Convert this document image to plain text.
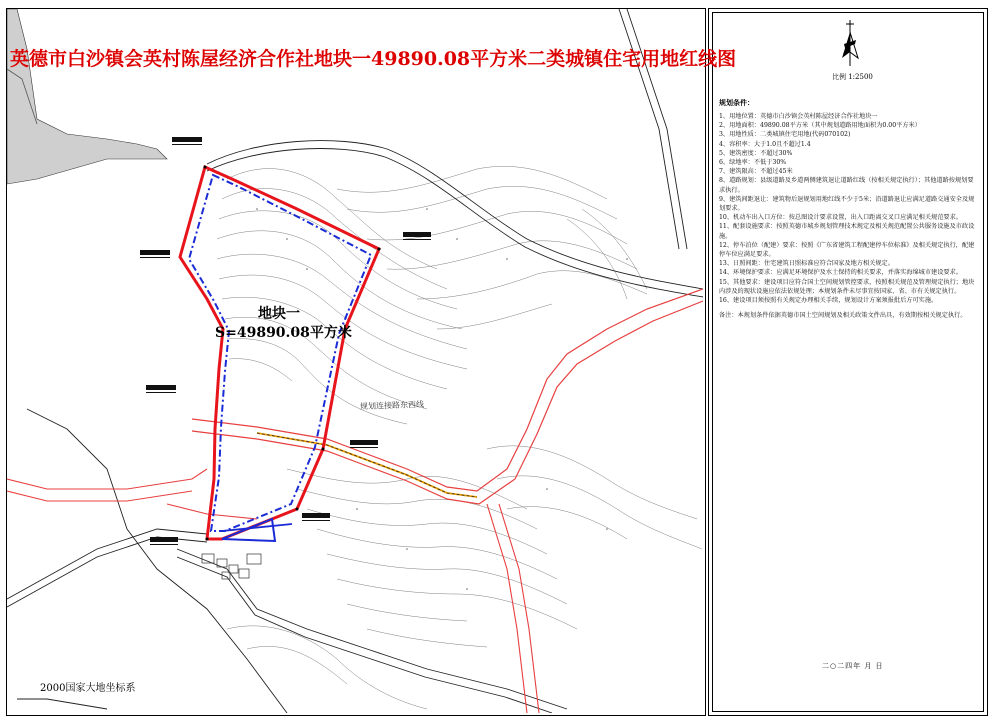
英德市白沙镇会英村陈屋经济合作社地块一49890.08平方米二类城镇住宅用地红线图
地块一
S=49890.08平方米
规划连接路东西线
2000国家大地坐标系
比例 1:2500
规划条件：

1、用地位置：英德市白沙镇会英村陈屋经济合作社地块一

2、用地面积：49890.08平方米（其中规划道路用地面积为0.00平方米）

3、用地性质：二类城镇住宅用地(代码070102)

4、容积率：大于1.0且不超过1.4

5、建筑密度：不超过30%

6、绿地率：不低于30%

7、建筑限高：不超过45米

8、道路规划：县级道路及乡道两侧建筑退让道路红线（按相关规定执行）；其他道路按规划要求执行。

9、建筑间距退让：建筑物后退规划用地红线不少于5米；沿道路退让应满足道路交通安全及规划要求。

10、机动车出入口方位：按总图设计要求设置，出入口距离交叉口应满足相关规范要求。

11、配套设施要求：按照英德市城乡规划管理技术规定及相关规范配置公共服务设施及市政设施。

12、停车泊位（配建）要求：按照《广东省建筑工程配建停车位标准》及相关规定执行，配建停车位应满足要求。

13、日照间距：住宅建筑日照标准应符合国家及地方相关规定。

14、环境保护要求：应满足环境保护及水土保持的相关要求，并落实海绵城市建设要求。

15、其他要求：建设项目应符合国土空间规划管控要求，按照相关规范及管理规定执行；地块内涉及的现状设施应依法依规处理；本规划条件未尽事宜按国家、省、市有关规定执行。

16、建设项目须按照有关规定办理相关手续，规划设计方案须报批后方可实施。

备注：本规划条件依据英德市国土空间规划及相关政策文件出具，有效期按相关规定执行。

二○二四年 月 日
